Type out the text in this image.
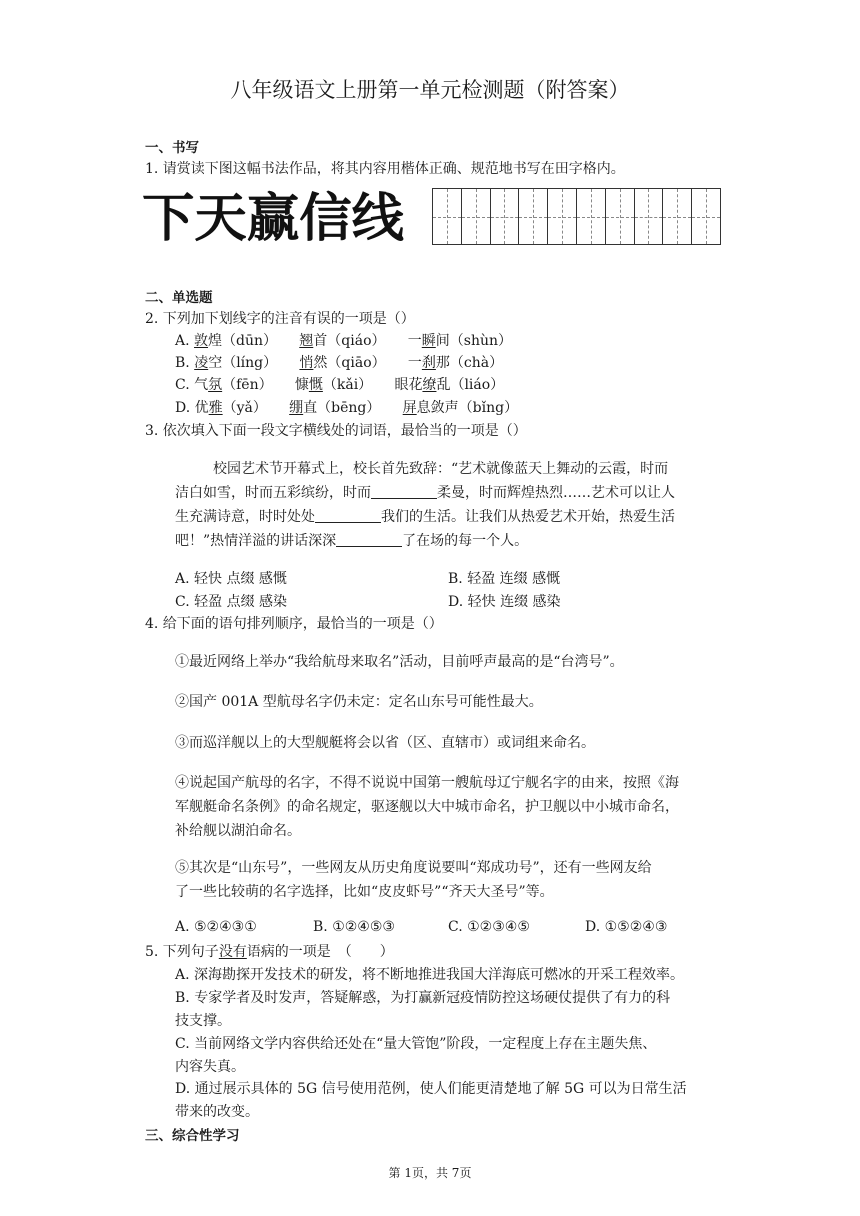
八年级语文上册第一单元检测题（附答案）
一、书写
1. 请赏读下图这幅书法作品，将其内容用楷体正确、规范地书写在田字格内。
下天赢信线
二、单选题
2. 下列加下划线字的注音有误的一项是（）
A. 敦煌（dūn） 翘首（qiáo） 一瞬间（shùn）
B. 凌空（líng） 悄然（qiāo） 一刹那（chà）
C. 气氛（fēn） 慷慨（kǎi） 眼花缭乱（liáo）
D. 优雅（yǎ） 绷直（bēng） 屏息敛声（bǐng）
3. 依次填入下面一段文字横线处的词语，最恰当的一项是（）
校园艺术节开幕式上，校长首先致辞：“艺术就像蓝天上舞动的云霞，时而
洁白如雪，时而五彩缤纷，时而	柔曼，时而辉煌热烈……艺术可以让人
生充满诗意，时时处处	我们的生活。让我们从热爱艺术开始，热爱生活
吧！”热情洋溢的讲话深深	了在场的每一个人。
A. 轻快 点缀 感慨	B. 轻盈 连缀 感慨
C. 轻盈 点缀 感染	D. 轻快 连缀 感染
4. 给下面的语句排列顺序，最恰当的一项是（）
①最近网络上举办“我给航母来取名”活动，目前呼声最高的是“台湾号”。
②国产 001A 型航母名字仍未定：定名山东号可能性最大。
③而巡洋舰以上的大型舰艇将会以省（区、直辖市）或词组来命名。
④说起国产航母的名字，不得不说说中国第一艘航母辽宁舰名字的由来，按照《海
军舰艇命名条例》的命名规定，驱逐舰以大中城市命名，护卫舰以中小城市命名，
补给舰以湖泊命名。
⑤其次是“山东号”，一些网友从历史角度说要叫“郑成功号”，还有一些网友给
了一些比较萌的名字选择，比如“皮皮虾号”“齐天大圣号”等。
A. ⑤②④③①	B. ①②④⑤③	C. ①②③④⑤	D. ①⑤②④③
5. 下列句子没有语病的一项是　（　　）
A. 深海勘探开发技术的研发，将不断地推进我国大洋海底可燃冰的开采工程效率。
B. 专家学者及时发声，答疑解惑，为打赢新冠疫情防控这场硬仗提供了有力的科
技支撑。
C. 当前网络文学内容供给还处在“量大管饱”阶段，一定程度上存在主题失焦、
内容失真。
D. 通过展示具体的 5G 信号使用范例，使人们能更清楚地了解 5G 可以为日常生活
带来的改变。
三、综合性学习
第 1页，共 7页
